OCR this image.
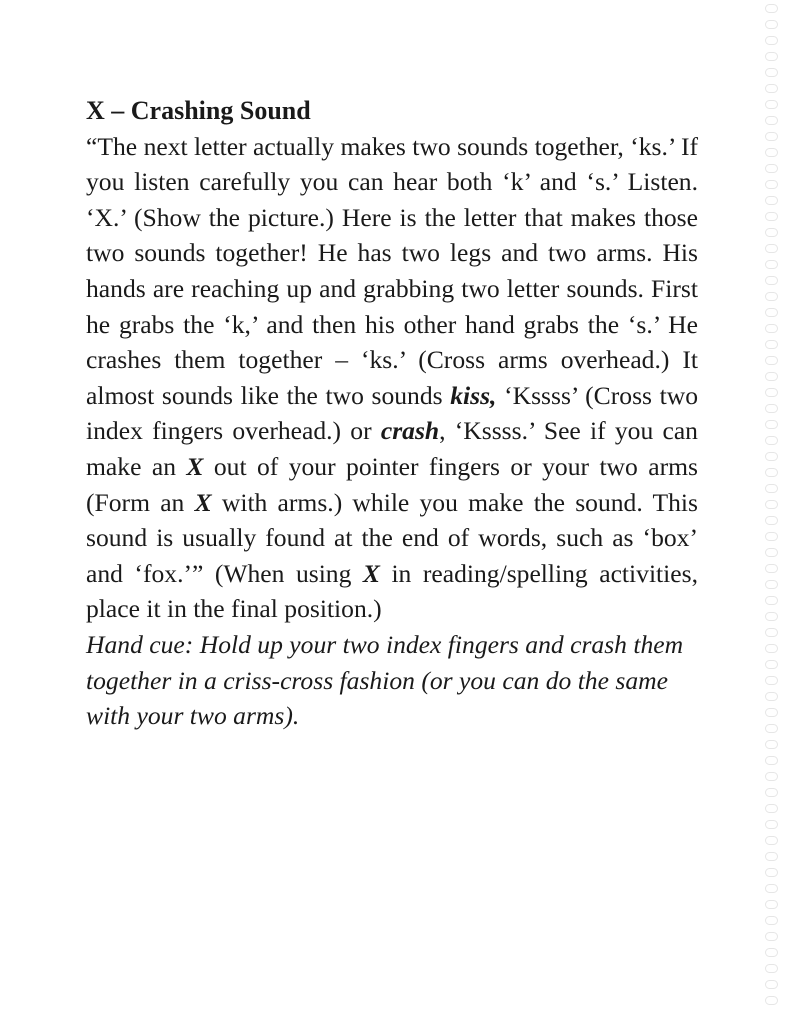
X – Crashing Sound

“The next letter actually makes two sounds together, ‘ks.’ If you listen carefully you can hear both ‘k’ and ‘s.’ Listen. ‘X.’ (Show the picture.) Here is the letter that makes those two sounds together! He has two legs and two arms. His hands are reaching up and grabbing two letter sounds. First he grabs the ‘k,’ and then his other hand grabs the ‘s.’ He crashes them together – ‘ks.’ (Cross arms overhead.) It almost sounds like the two sounds kiss, ‘Kssss’ (Cross two index fingers overhead.) or crash, ‘Kssss.’ See if you can make an X out of your pointer fingers or your two arms (Form an X with arms.) while you make the sound. This sound is usually found at the end of words, such as ‘box’ and ‘fox.’” (When using X in reading/spelling activities, place it in the final position.)

Hand cue: Hold up your two index fingers and crash them together in a criss-cross fashion (or you can do the same with your two arms).
